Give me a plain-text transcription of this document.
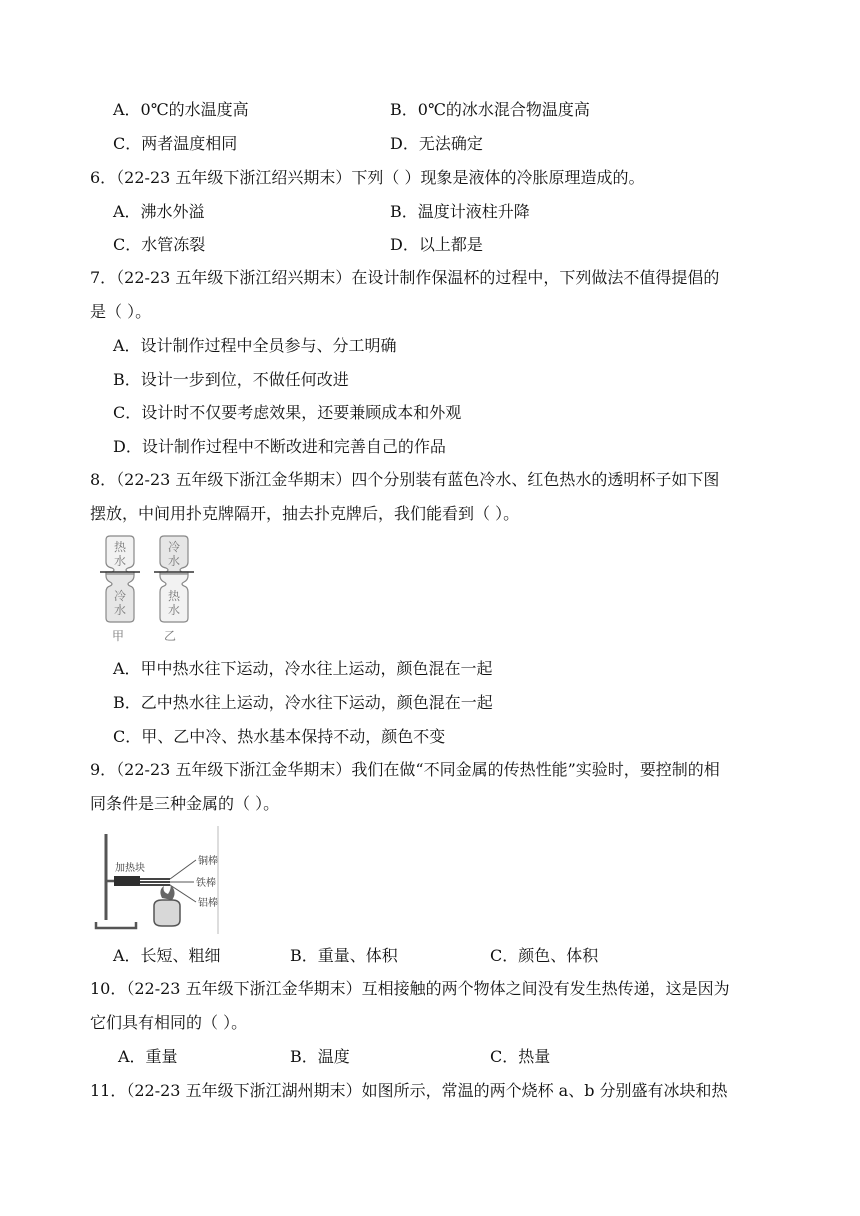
A．0℃的水温度高	B．0℃的冰水混合物温度高
C．两者温度相同	D．无法确定
6．（22-23 五年级下浙江绍兴期末）下列（ ）现象是液体的冷胀原理造成的。
A．沸水外溢	B．温度计液柱升降
C．水管冻裂	D．以上都是
7．（22-23 五年级下浙江绍兴期末）在设计制作保温杯的过程中，下列做法不值得提倡的
是（ ）。
A．设计制作过程中全员参与、分工明确
B．设计一步到位，不做任何改进
C．设计时不仅要考虑效果，还要兼顾成本和外观
D．设计制作过程中不断改进和完善自己的作品
8．（22-23 五年级下浙江金华期末）四个分别装有蓝色冷水、红色热水的透明杯子如下图
摆放，中间用扑克牌隔开，抽去扑克牌后，我们能看到（ ）。
热
水
冷
水
甲
冷
水
热
水
乙
A．甲中热水往下运动，冷水往上运动，颜色混在一起
B．乙中热水往上运动，冷水往下运动，颜色混在一起
C．甲、乙中冷、热水基本保持不动，颜色不变
9．（22-23 五年级下浙江金华期末）我们在做“不同金属的传热性能”实验时，要控制的相
同条件是三种金属的（ ）。
加热块
铜棒
铁棒
铝棒
A．长短、粗细	B．重量、体积	C．颜色、体积
10．（22-23 五年级下浙江金华期末）互相接触的两个物体之间没有发生热传递，这是因为
它们具有相同的（ ）。
A．重量	B．温度	C．热量
11．（22-23 五年级下浙江湖州期末）如图所示，常温的两个烧杯 a、b 分别盛有冰块和热
